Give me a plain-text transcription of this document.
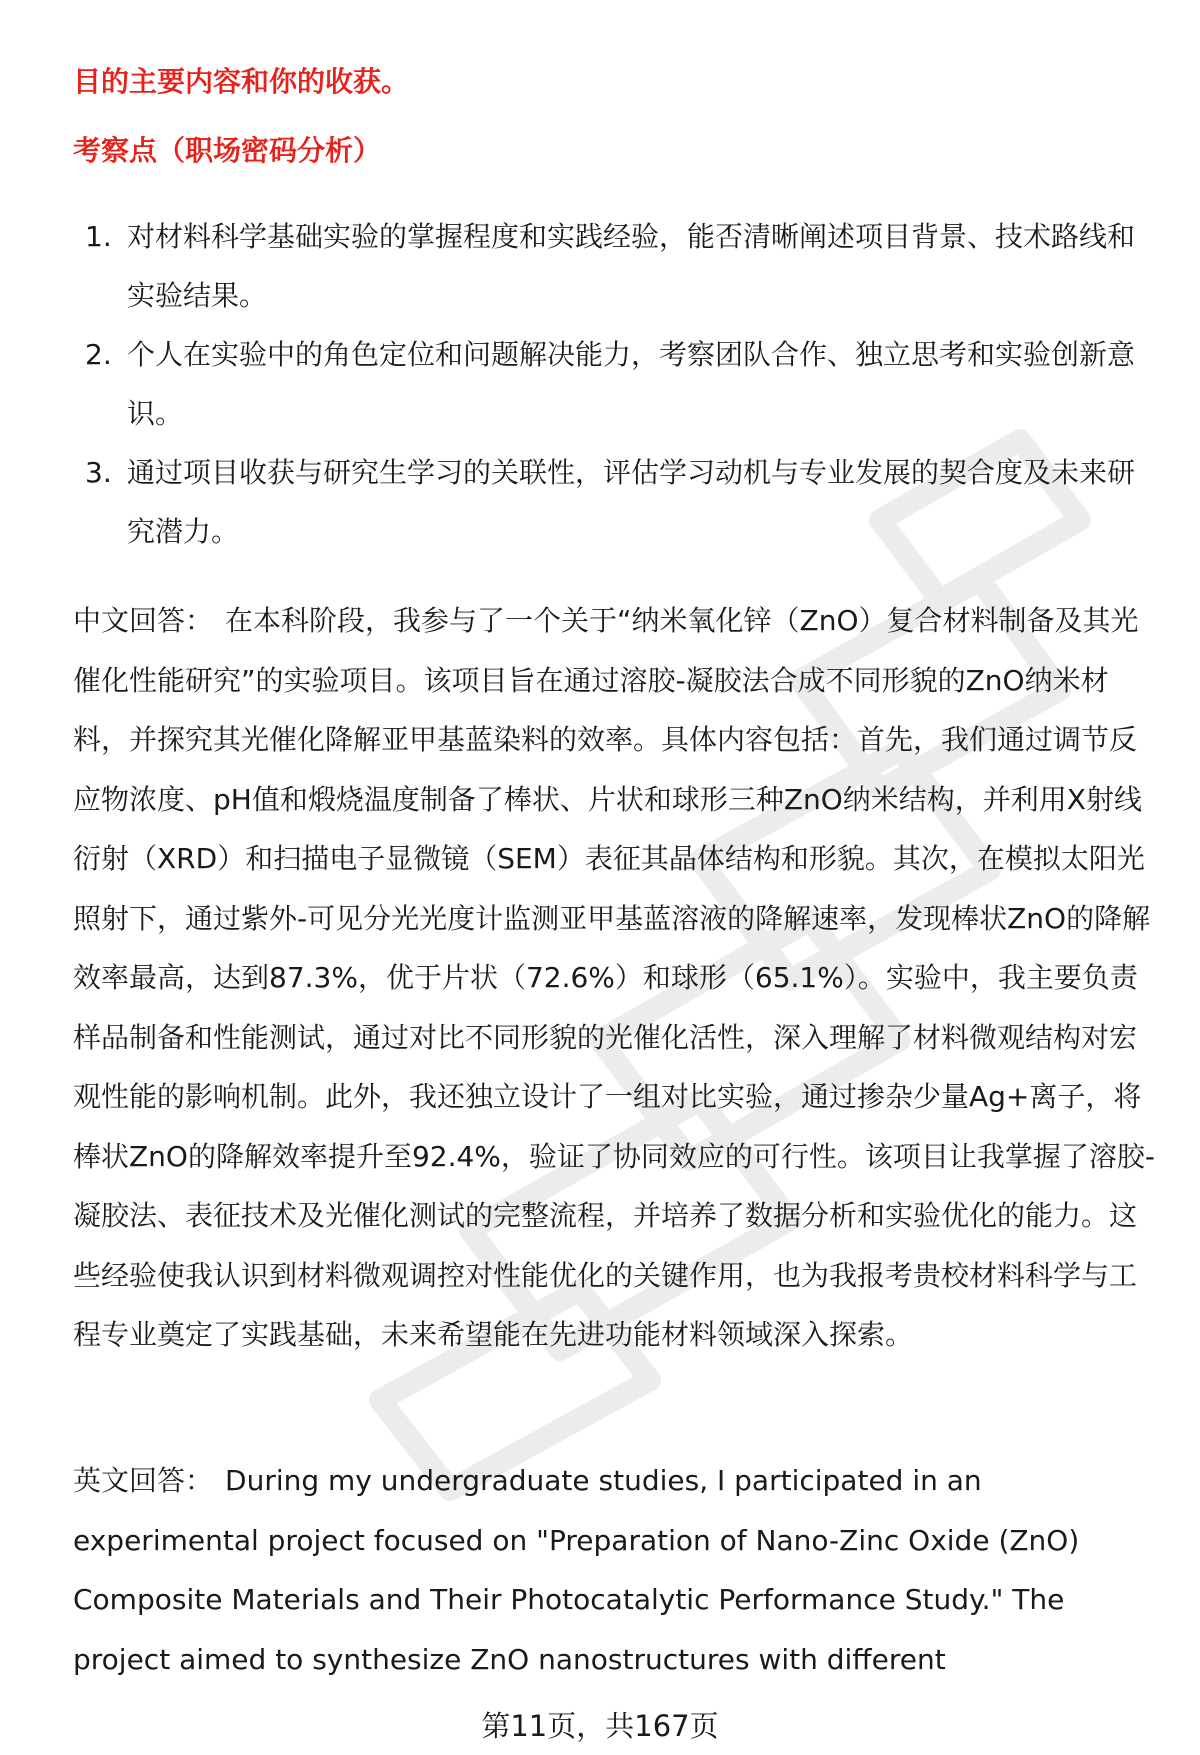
目的主要内容和你的收获。

考察点（职场密码分析）

1. 对材料科学基础实验的掌握程度和实践经验，能否清晰阐述项目背景、技术路线和实验结果。
2. 个人在实验中的角色定位和问题解决能力，考察团队合作、独立思考和实验创新意识。
3. 通过项目收获与研究生学习的关联性，评估学习动机与专业发展的契合度及未来研究潜力。

中文回答： 在本科阶段，我参与了一个关于“纳米氧化锌（ZnO）复合材料制备及其光催化性能研究”的实验项目。该项目旨在通过溶胶-凝胶法合成不同形貌的ZnO纳米材料，并探究其光催化降解亚甲基蓝染料的效率。具体内容包括：首先，我们通过调节反应物浓度、pH值和煅烧温度制备了棒状、片状和球形三种ZnO纳米结构，并利用X射线衍射（XRD）和扫描电子显微镜（SEM）表征其晶体结构和形貌。其次，在模拟太阳光照射下，通过紫外-可见分光光度计监测亚甲基蓝溶液的降解速率，发现棒状ZnO的降解效率最高，达到87.3%，优于片状（72.6%）和球形（65.1%）。实验中，我主要负责样品制备和性能测试，通过对比不同形貌的光催化活性，深入理解了材料微观结构对宏观性能的影响机制。此外，我还独立设计了一组对比实验，通过掺杂少量Ag+离子，将棒状ZnO的降解效率提升至92.4%，验证了协同效应的可行性。该项目让我掌握了溶胶-凝胶法、表征技术及光催化测试的完整流程，并培养了数据分析和实验优化的能力。这些经验使我认识到材料微观调控对性能优化的关键作用，也为我报考贵校材料科学与工程专业奠定了实践基础，未来希望能在先进功能材料领域深入探索。

英文回答： During my undergraduate studies, I participated in an experimental project focused on "Preparation of Nano-Zinc Oxide (ZnO) Composite Materials and Their Photocatalytic Performance Study." The project aimed to synthesize ZnO nanostructures with different

第11页，共167页
